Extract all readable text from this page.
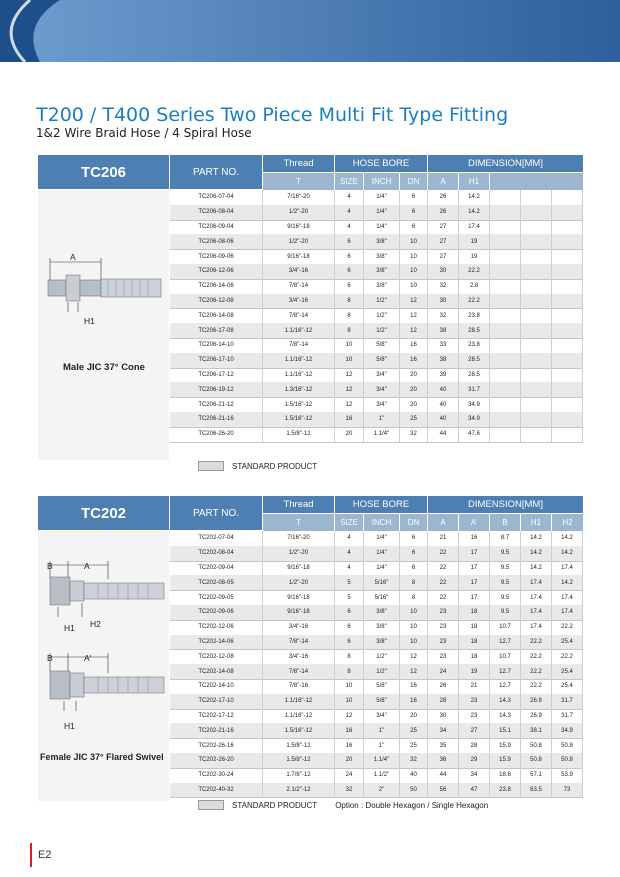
T200 / T400 Series Two Piece Multi Fit Type Fitting
1&2 Wire Braid Hose / 4 Spiral Hose
TC206	PART NO.
Thread
T
HOSE BORE
SIZE	INCH	DN
DIMENSION[MM]
A	H1
A
H1
Male JIC 37° Cone
TC206-07-04	7/16"-20	4	1/4"	6	26	14.2
TC206-08-04	1/2"-20	4	1/4"	6	26	14.2
TC206-09-04	9/16"-18	4	1/4"	6	27	17.4
TC206-08-06	1/2"-20	6	3/8"	10	27	19
TC206-09-06	9/16"-18	6	3/8"	10	27	19
TC206-12-06	3/4"-16	6	3/8"	10	30	22.2
TC206-14-06	7/8"-14	6	3/8"	10	32	2.8
TC206-12-08	3/4"-16	8	1/2"	12	30	22.2
TC206-14-08	7/8"-14	8	1/2"	12	32	23.8
TC206-17-08	1.1/16"-12	8	1/2"	12	38	28.5
TC206-14-10	7/8"-14	10	5/8"	16	33	23.8
TC206-17-10	1.1/16"-12	10	5/8"	16	38	28.5
TC206-17-12	1.1/16"-12	12	3/4"	20	39	28.5
TC206-19-12	1.3/16"-12	12	3/4"	20	40	31.7
TC206-21-12	1.5/16"-12	12	3/4"	20	40	34.9
TC206-21-16	1.5/16"-12	16	1"	25	40	34.9
TC206-26-20	1.5/8"-12	20	1.1/4"	32	44	47.6
STANDARD PRODUCT
TC202	PART NO.
Thread
T
HOSE BORE
SIZE	INCH	DN
DIMENSION[MM]
A	A'	B	H1	H2
B	A
H1 H2
B	A'
H1
Female JIC 37° Flared Swivel
TC202-07-04	7/16"-20	4	1/4"	6	21	16	8.7	14.2	14.2
TC202-08-04	1/2"-20	4	1/4"	6	22	17	9.5	14.2	14.2
TC202-09-04	9/16"-18	4	1/4"	6	22	17	9.5	14.2	17.4
TC202-08-05	1/2"-20	5	5/16"	8	22	17	9.5	17.4	14.2
TC202-09-05	9/16"-18	5	5/16"	8	22	17	9.5	17.4	17.4
TC202-09-06	9/16"-18	6	3/8"	10	23	18	9.5	17.4	17.4
TC202-12-06	3/4"-16	6	3/8"	10	23	18	10.7	17.4	22.2
TC202-14-06	7/8"-14	6	3/8"	10	23	18	12.7	22.2	25.4
TC202-12-08	3/4"-16	8	1/2"	12	23	18	10.7	22.2	22.2
TC202-14-08	7/8"-14	8	1/2"	12	24	19	12.7	22.2	25.4
TC202-14-10	7/8"-16	10	5/8"	16	26	21	12.7	22.2	25.4
TC202-17-10	1.1/16"-12	10	5/8"	16	28	23	14.3	26.9	31.7
TC202-17-12	1.1/16"-12	12	3/4"	20	30	23	14.3	26.9	31.7
TC202-21-16	1.5/16"-12	16	1"	25	34	27	15.1	38.1	34.9
TC202-26-16	1.5/8"-12	16	1"	25	35	28	15.9	50.8	50.8
TC202-26-20	1.5/8"-12	20	1.1/4"	32	36	29	15.9	50.8	50.8
TC202-30-24	1.7/8"-12	24	1.1/2"	40	44	34	18.6	57.1	53.9
TC202-40-32	2.1/2"-12	32	2"	50	56	47	23.8	63.5	73
STANDARD PRODUCT Option : Double Hexagon / Single Hexagon
E2
